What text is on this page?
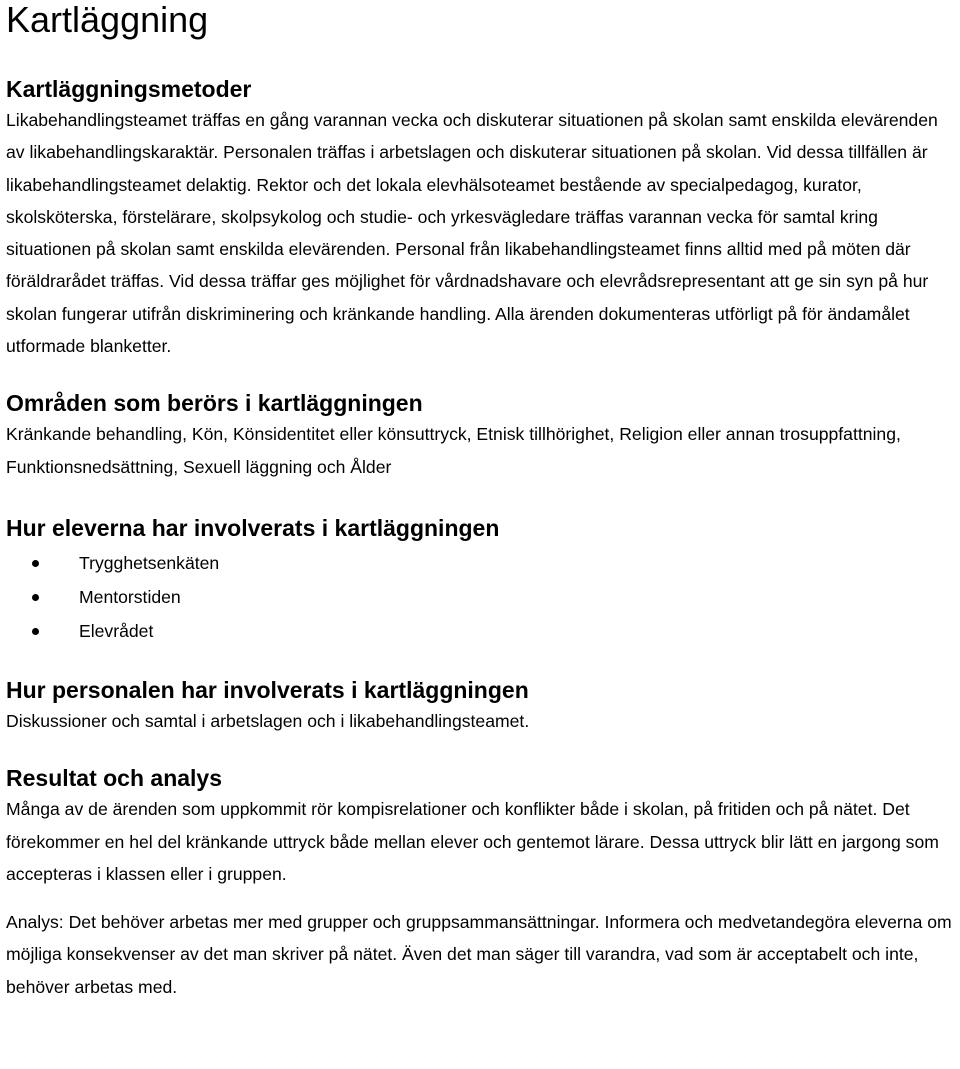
Kartläggning
Kartläggningsmetoder

Likabehandlingsteamet träffas en gång varannan vecka och diskuterar situationen på skolan samt enskilda elevärenden av likabehandlingskaraktär. Personalen träffas i arbetslagen och diskuterar situationen på skolan. Vid dessa tillfällen är likabehandlingsteamet delaktig. Rektor och det lokala elevhälsoteamet bestående av specialpedagog, kurator, skolsköterska, förstelärare, skolpsykolog och studie- och yrkesvägledare träffas varannan vecka för samtal kring situationen på skolan samt enskilda elevärenden. Personal från likabehandlingsteamet finns alltid med på möten där föräldrarådet träffas. Vid dessa träffar ges möjlighet för vårdnadshavare och elevrådsrepresentant att ge sin syn på hur skolan fungerar utifrån diskriminering och kränkande handling. Alla ärenden dokumenteras utförligt på för ändamålet utformade blanketter.

Områden som berörs i kartläggningen

Kränkande behandling, Kön, Könsidentitet eller könsuttryck, Etnisk tillhörighet, Religion eller annan trosuppfattning, Funktionsnedsättning, Sexuell läggning och Ålder

Hur eleverna har involverats i kartläggningen
Trygghetsenkäten
Mentorstiden
Elevrådet
Hur personalen har involverats i kartläggningen

Diskussioner och samtal i arbetslagen och i likabehandlingsteamet.

Resultat och analys

Många av de ärenden som uppkommit rör kompisrelationer och konflikter både i skolan, på fritiden och på nätet. Det förekommer en hel del kränkande uttryck både mellan elever och gentemot lärare. Dessa uttryck blir lätt en jargong som accepteras i klassen eller i gruppen.

Analys: Det behöver arbetas mer med grupper och gruppsammansättningar. Informera och medvetandegöra eleverna om möjliga konsekvenser av det man skriver på nätet. Även det man säger till varandra, vad som är acceptabelt och inte, behöver arbetas med.
